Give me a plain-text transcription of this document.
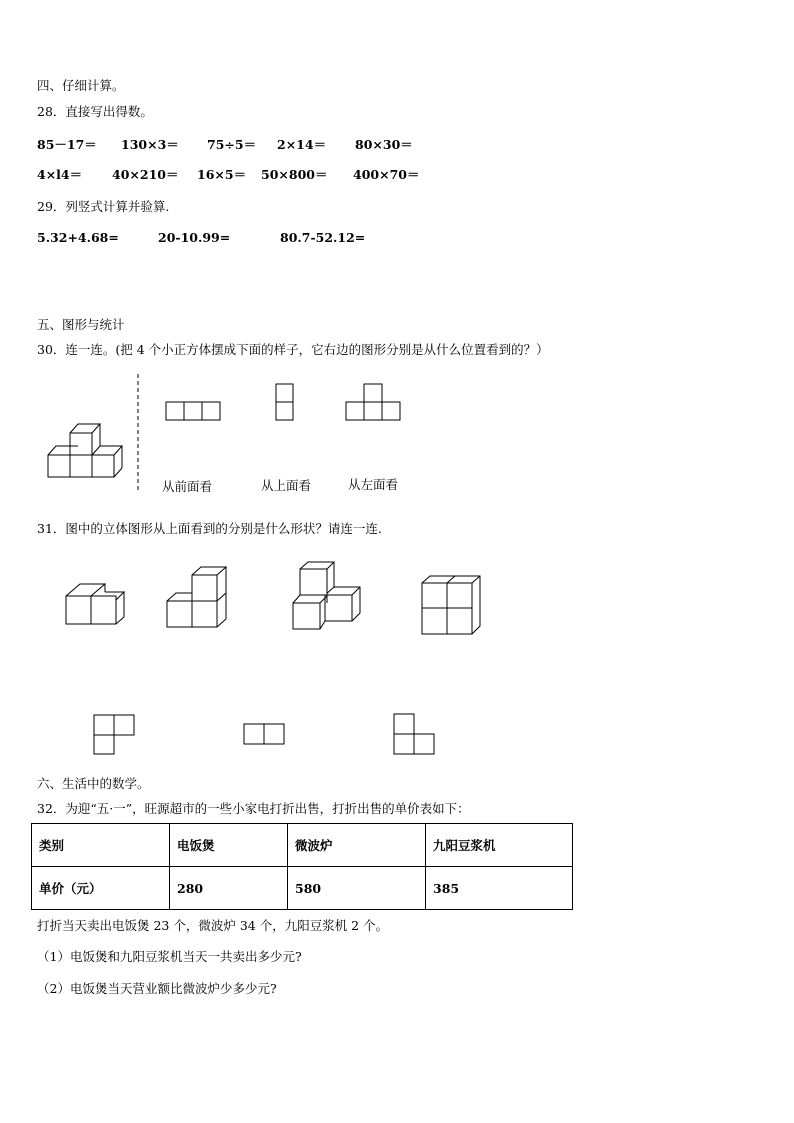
四、仔细计算。
28．直接写出得数。
85－17＝ 130×3＝ 75÷5＝ 2×14＝ 80×30＝
4×l4＝ 40×210＝ 16×5＝ 50×800＝ 400×70＝
29．列竖式计算并验算.
5.32+4.68=	20-10.99=	80.7-52.12=
五、图形与统计
30．连一连。(把 4 个小正方体摆成下面的样子，它右边的图形分别是从什么位置看到的？）
从前面看	从上面看	从左面看
31．图中的立体图形从上面看到的分别是什么形状？请连一连.
六、生活中的数学。
32．为迎“五·一”，旺源超市的一些小家电打折出售，打折出售的单价表如下：
类别	电饭煲	微波炉	九阳豆浆机
单价（元）	280	580	385
打折当天卖出电饭煲 23 个，微波炉 34 个，九阳豆浆机 2 个。
（1）电饭煲和九阳豆浆机当天一共卖出多少元?
（2）电饭煲当天营业额比微波炉少多少元?
